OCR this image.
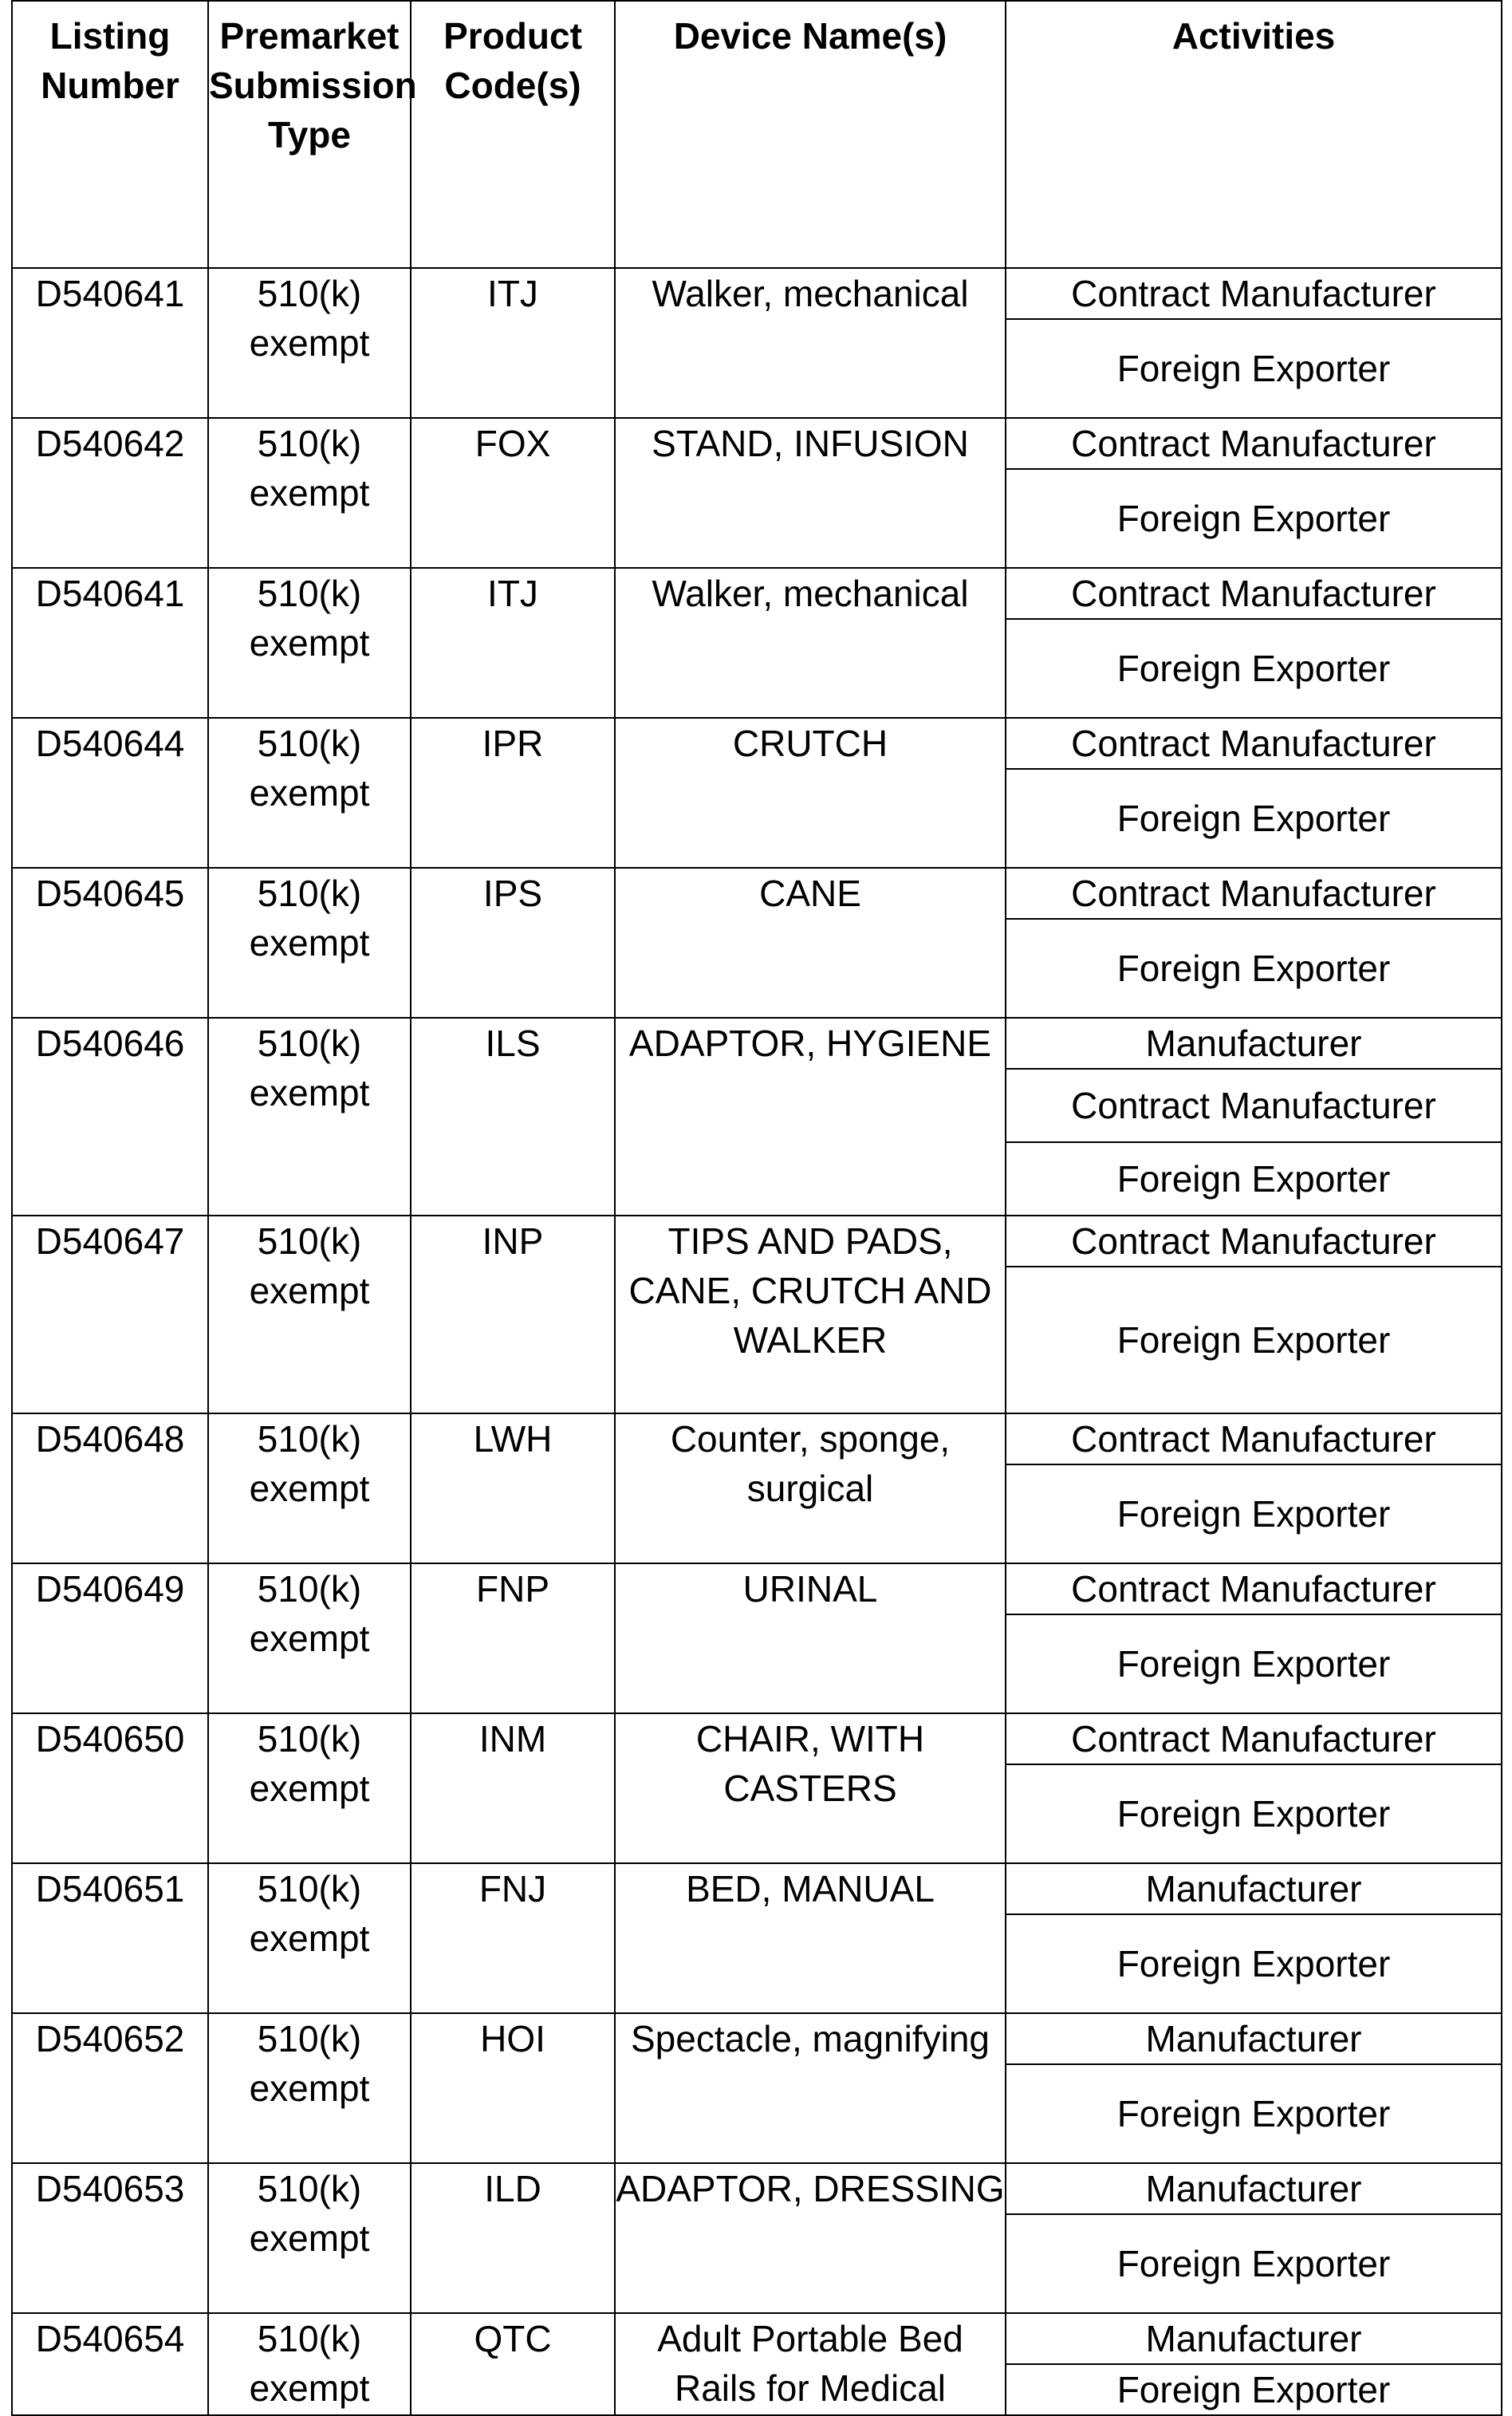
Listing Number	Premarket Submission Type	Product Code(s)	Device Name(s)	Activities
D540641	510(k) exempt	ITJ	Walker, mechanical	Contract Manufacturer
Foreign Exporter

D540642	510(k) exempt	FOX	STAND, INFUSION	Contract Manufacturer
Foreign Exporter

D540641	510(k) exempt	ITJ	Walker, mechanical	Contract Manufacturer
Foreign Exporter

D540644	510(k) exempt	IPR	CRUTCH	Contract Manufacturer
Foreign Exporter

D540645	510(k) exempt	IPS	CANE	Contract Manufacturer
Foreign Exporter

D540646	510(k) exempt	ILS	ADAPTOR, HYGIENE	Manufacturer
Contract Manufacturer
Foreign Exporter

D540647	510(k) exempt	INP	TIPS AND PADS, CANE, CRUTCH AND WALKER	Contract Manufacturer
Foreign Exporter

D540648	510(k) exempt	LWH	Counter, sponge, surgical	Contract Manufacturer
Foreign Exporter

D540649	510(k) exempt	FNP	URINAL	Contract Manufacturer
Foreign Exporter

D540650	510(k) exempt	INM	CHAIR, WITH CASTERS	Contract Manufacturer
Foreign Exporter

D540651	510(k) exempt	FNJ	BED, MANUAL	Manufacturer
Foreign Exporter

D540652	510(k) exempt	HOI	Spectacle, magnifying	Manufacturer
Foreign Exporter

D540653	510(k) exempt	ILD	ADAPTOR, DRESSING	Manufacturer
Foreign Exporter

D540654	510(k) exempt	QTC	Adult Portable Bed Rails for Medical	Manufacturer
Foreign Exporter
